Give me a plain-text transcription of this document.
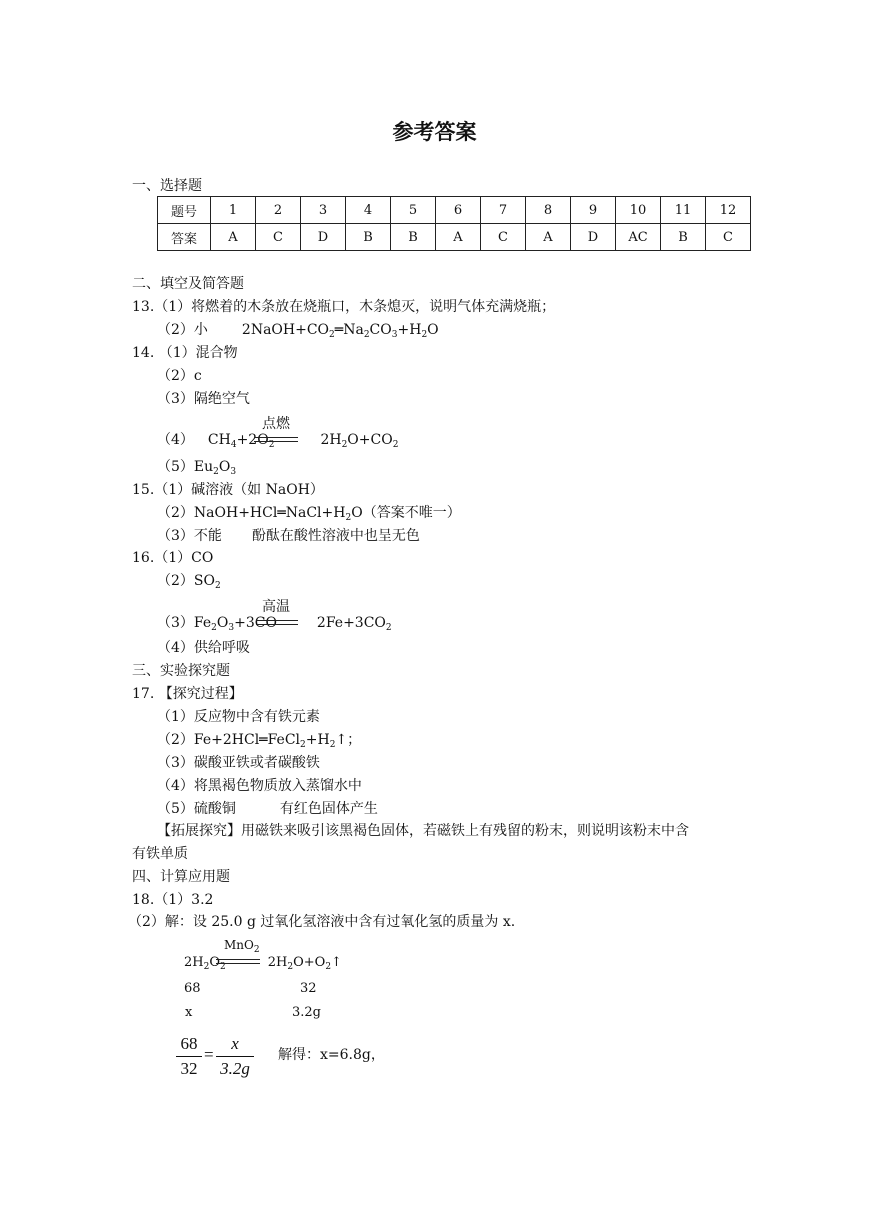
参考答案
一、选择题
题号	1	2	3	4	5	6	7	8	9	10	11	12
答案	A	C	D	B	B	A	C	A	D	AC	B	C
二、填空及简答题
13.（1）将燃着的木条放在烧瓶口，木条熄灭，说明气体充满烧瓶；
（2）小 $2NaOH+CO_2═Na_2CO_3+H_2O$
14. （1）混合物
（2）c
（3）隔绝空气
点燃
（4） $CH_4+2O_2$	$2H_2O+CO_2$
$(5)Eu_2O_3$
15.（1）碱溶液（如 NaOH）
$(2)NaOH+HCl═NaCl+H_2O$（答案不唯一）
（3）不能 酚酞在酸性溶液中也呈无色
16.（1）CO
$(2)SO_2$
高温
$(3)Fe_2O_3+3CO$	$2Fe+3CO_2$
（4）供给呼吸
三、实验探究题
17. 【探究过程】
（1）反应物中含有铁元素
$(2)Fe+2HCl═FeCl_2+H_2↑$；
（3）碳酸亚铁或者碳酸铁
（4）将黑褐色物质放入蒸馏水中
（5）硫酸铜	有红色固体产生
【拓展探究】用磁铁来吸引该黑褐色固体，若磁铁上有残留的粉末，则说明该粉末中含
有铁单质
四、计算应用题
18.（1）3.2
（2）解：设 25.0 g 过氧化氢溶液中含有过氧化氢的质量为 x.
MnO$_2$
$2H_2O_2$	$2H_2O+O_2↑$
68	32
x	3.2g
68
32
=
x
3.2g
解得：x=6.8g，
